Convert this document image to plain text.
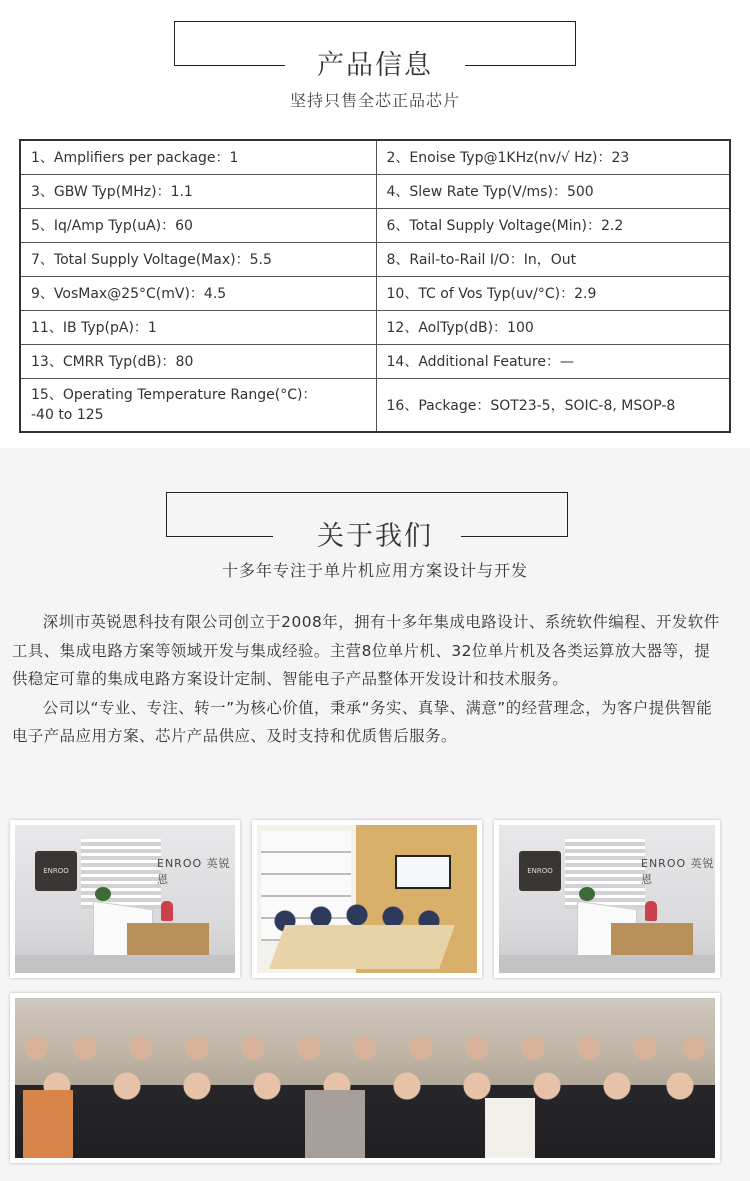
产品信息
坚持只售全芯正品芯片
1、Amplifiers per package：1	2、Enoise Typ@1KHz(nv/√ Hz)：23
3、GBW Typ(MHz)：1.1	4、Slew Rate Typ(V/ms)：500
5、Iq/Amp Typ(uA)：60	6、Total Supply Voltage(Min)：2.2
7、Total Supply Voltage(Max)：5.5	8、Rail-to-Rail I/O：In，Out
9、VosMax@25°C(mV)：4.5	10、TC of Vos Typ(uv/°C)：2.9
11、IB Typ(pA)：1	12、AolTyp(dB)：100
13、CMRR Typ(dB)：80	14、Additional Feature：—

15、Operating Temperature Range(°C)：
-40 to 125	16、Package：SOT23-5，SOIC-8, MSOP-8
关于我们
十多年专注于单片机应用方案设计与开发

深圳市英锐恩科技有限公司创立于2008年，拥有十多年集成电路设计、系统软件编程、开发软件工具、集成电路方案等领域开发与集成经验。主营8位单片机、32位单片机及各类运算放大器等，提供稳定可靠的集成电路方案设计定制、智能电子产品整体开发设计和技术服务。

公司以“专业、专注、转一”为核心价值，秉承“务实、真挚、满意”的经营理念，为客户提供智能电子产品应用方案、芯片产品供应、及时支持和优质售后服务。

ENROO
ENROO 英锐恩
ENROO
ENROO 英锐恩
